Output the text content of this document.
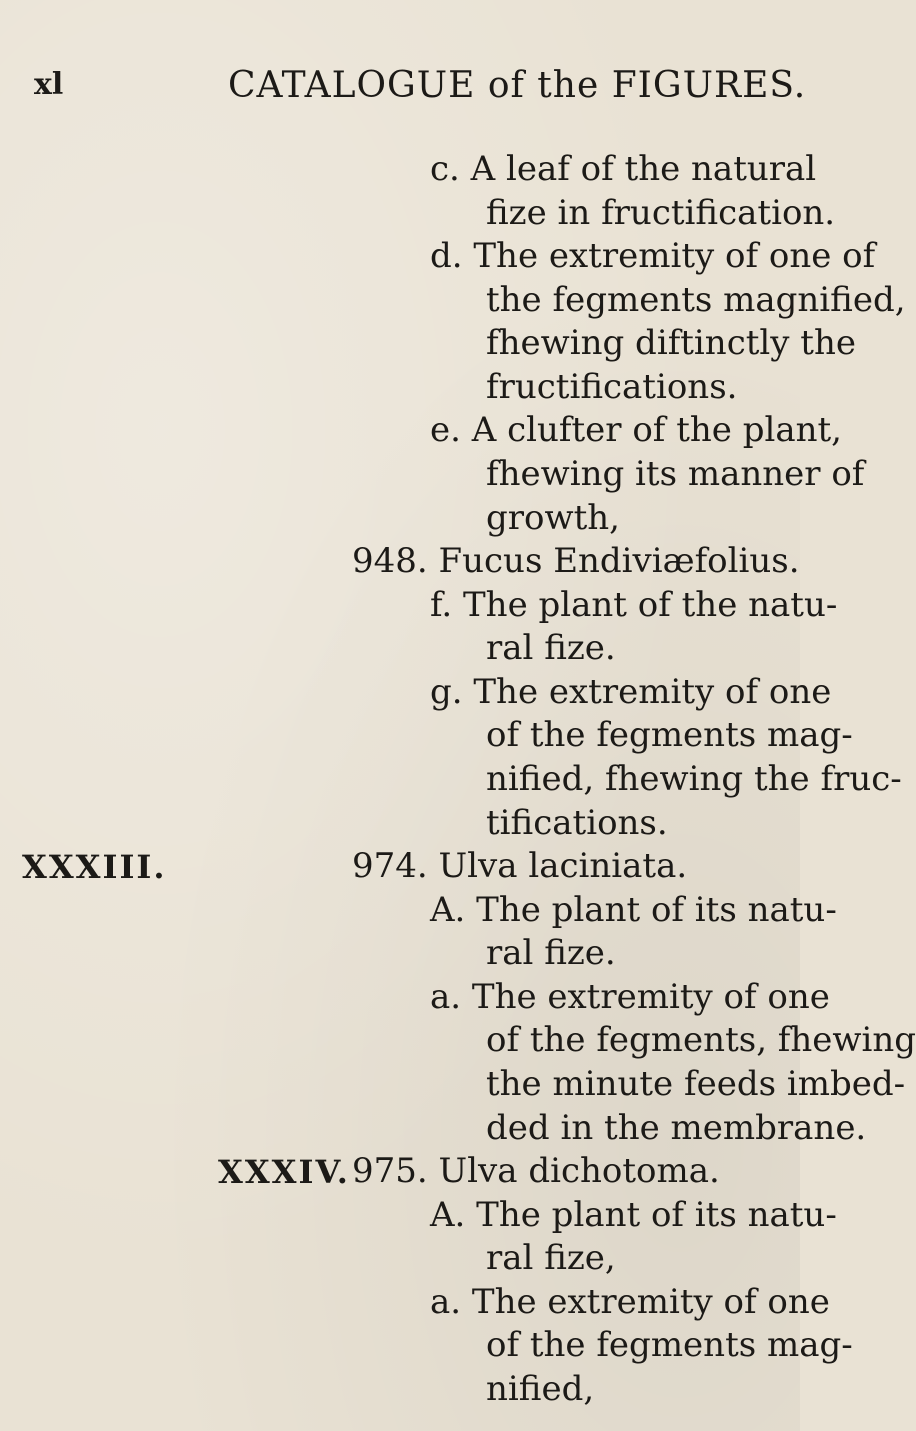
xl	CATALOGUE of the FIGURES.
c. A leaf of the natural
fize in fructification.
d. The extremity of one of
the fegments magnified,
fhewing diftinctly the
fructifications.
e. A clufter of the plant,
fhewing its manner of
growth,
948. Fucus Endiviæfolius.
f. The plant of the natu-
ral fize.
g. The extremity of one
of the fegments mag-
nified, fhewing the fruc-
tifications.
XXXIII.	974. Ulva laciniata.
A. The plant of its natu-
ral fize.
a. The extremity of one
of the fegments, fhewing
the minute feeds imbed-
ded in the membrane.
XXXIV. 975. Ulva dichotoma.
A. The plant of its natu-
ral fize,
a. The extremity of one
of the fegments mag-
nified,
